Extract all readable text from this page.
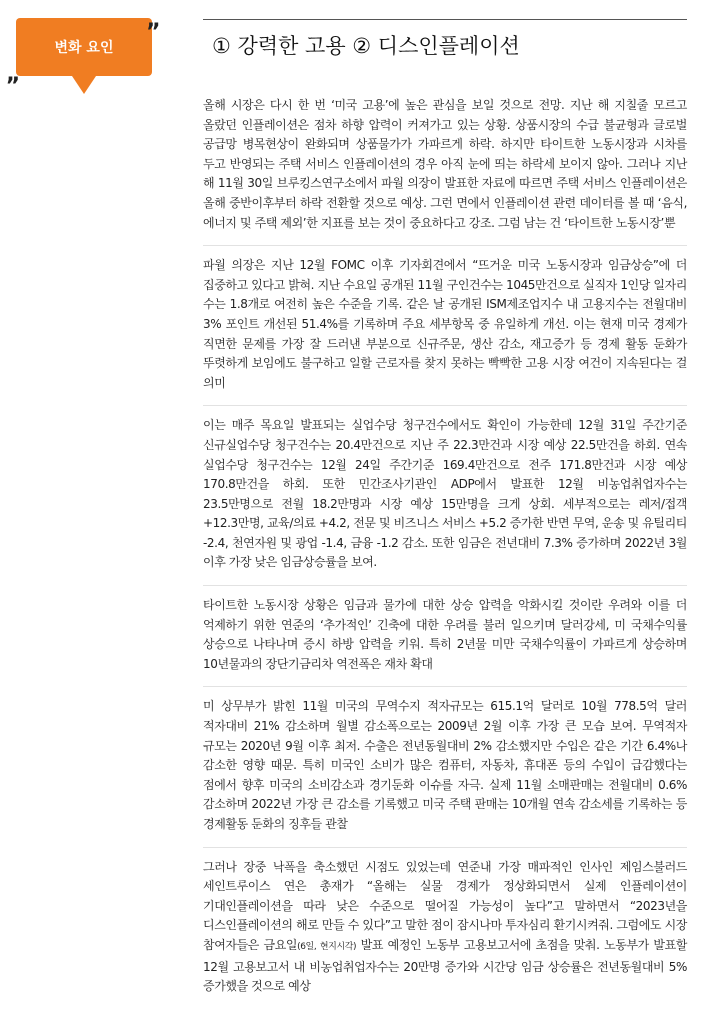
변화 요인
”
„
① 강력한 고용 ② 디스인플레이션

올해 시장은 다시 한 번 ‘미국 고용’에 높은 관심을 보일 것으로 전망. 지난 해 지칠줄 모르고 올랐던 인플레이션은 점차 하향 압력이 커져가고 있는 상황. 상품시장의 수급 불균형과 글로벌 공급망 병목현상이 완화되며 상품물가가 가파르게 하락. 하지만 타이트한 노동시장과 시차를 두고 반영되는 주택 서비스 인플레이션의 경우 아직 눈에 띄는 하락세 보이지 않아. 그러나 지난 해 11월 30일 브루킹스연구소에서 파월 의장이 발표한 자료에 따르면 주택 서비스 인플레이션은 올해 중반이후부터 하락 전환할 것으로 예상. 그런 면에서 인플레이션 관련 데이터를 볼 때 ‘음식, 에너지 및 주택 제외’한 지표를 보는 것이 중요하다고 강조. 그럼 남는 건 ‘타이트한 노동시장’뿐

파월 의장은 지난 12월 FOMC 이후 기자회견에서 “뜨거운 미국 노동시장과 임금상승”에 더 집중하고 있다고 밝혀. 지난 수요일 공개된 11월 구인건수는 1045만건으로 실직자 1인당 일자리 수는 1.8개로 여전히 높은 수준을 기록. 같은 날 공개된 ISM제조업지수 내 고용지수는 전월대비 3% 포인트 개선된 51.4%를 기록하며 주요 세부항목 중 유일하게 개선. 이는 현재 미국 경제가 직면한 문제를 가장 잘 드러낸 부분으로 신규주문, 생산 감소, 재고증가 등 경제 활동 둔화가 뚜렷하게 보임에도 불구하고 일할 근로자를 찾지 못하는 빡빡한 고용 시장 여건이 지속된다는 걸 의미

이는 매주 목요일 발표되는 실업수당 청구건수에서도 확인이 가능한데 12월 31일 주간기준 신규실업수당 청구건수는 20.4만건으로 지난 주 22.3만건과 시장 예상 22.5만건을 하회. 연속 실업수당 청구건수는 12월 24일 주간기준 169.4만건으로 전주 171.8만건과 시장 예상 170.8만건을 하회. 또한 민간조사기관인 ADP에서 발표한 12월 비농업취업자수는 23.5만명으로 전월 18.2만명과 시장 예상 15만명을 크게 상회. 세부적으로는 레저/접객 +12.3만명, 교육/의료 +4.2, 전문 및 비즈니스 서비스 +5.2 증가한 반면 무역, 운송 및 유틸리티 -2.4, 천연자원 및 광업 -1.4, 금융 -1.2 감소. 또한 임금은 전년대비 7.3% 증가하며 2022년 3월 이후 가장 낮은 임금상승률을 보여.

타이트한 노동시장 상황은 임금과 물가에 대한 상승 압력을 악화시킬 것이란 우려와 이를 더 억제하기 위한 연준의 ‘추가적인’ 긴축에 대한 우려를 불러 일으키며 달러강세, 미 국채수익률 상승으로 나타나며 증시 하방 압력을 키워. 특히 2년물 미만 국채수익률이 가파르게 상승하며 10년물과의 장단기금리차 역전폭은 재차 확대

미 상무부가 밝힌 11월 미국의 무역수지 적자규모는 615.1억 달러로 10월 778.5억 달러 적자대비 21% 감소하며 월별 감소폭으로는 2009년 2월 이후 가장 큰 모습 보여. 무역적자 규모는 2020년 9월 이후 최저. 수출은 전년동월대비 2% 감소했지만 수입은 같은 기간 6.4%나 감소한 영향 때문. 특히 미국인 소비가 많은 컴퓨터, 자동차, 휴대폰 등의 수입이 급감했다는 점에서 향후 미국의 소비감소과 경기둔화 이슈를 자극. 실제 11월 소매판매는 전월대비 0.6% 감소하며 2022년 가장 큰 감소를 기록했고 미국 주택 판매는 10개월 연속 감소세를 기록하는 등 경제활동 둔화의 징후들 관찰

그러나 장중 낙폭을 축소했던 시점도 있었는데 연준내 가장 매파적인 인사인 제임스불러드 세인트루이스 연은 총재가 “올해는 실물 경제가 정상화되면서 실제 인플레이션이 기대인플레이션을 따라 낮은 수준으로 떨어질 가능성이 높다”고 말하면서 “2023년을 디스인플레이션의 해로 만들 수 있다”고 말한 점이 잠시나마 투자심리 환기시켜줘. 그럼에도 시장 참여자들은 금요일(6일, 현지시각) 발표 예정인 노동부 고용보고서에 초점을 맞춰. 노동부가 발표할 12월 고용보고서 내 비농업취업자수는 20만명 증가와 시간당 임금 상승률은 전년동월대비 5% 증가했을 것으로 예상
